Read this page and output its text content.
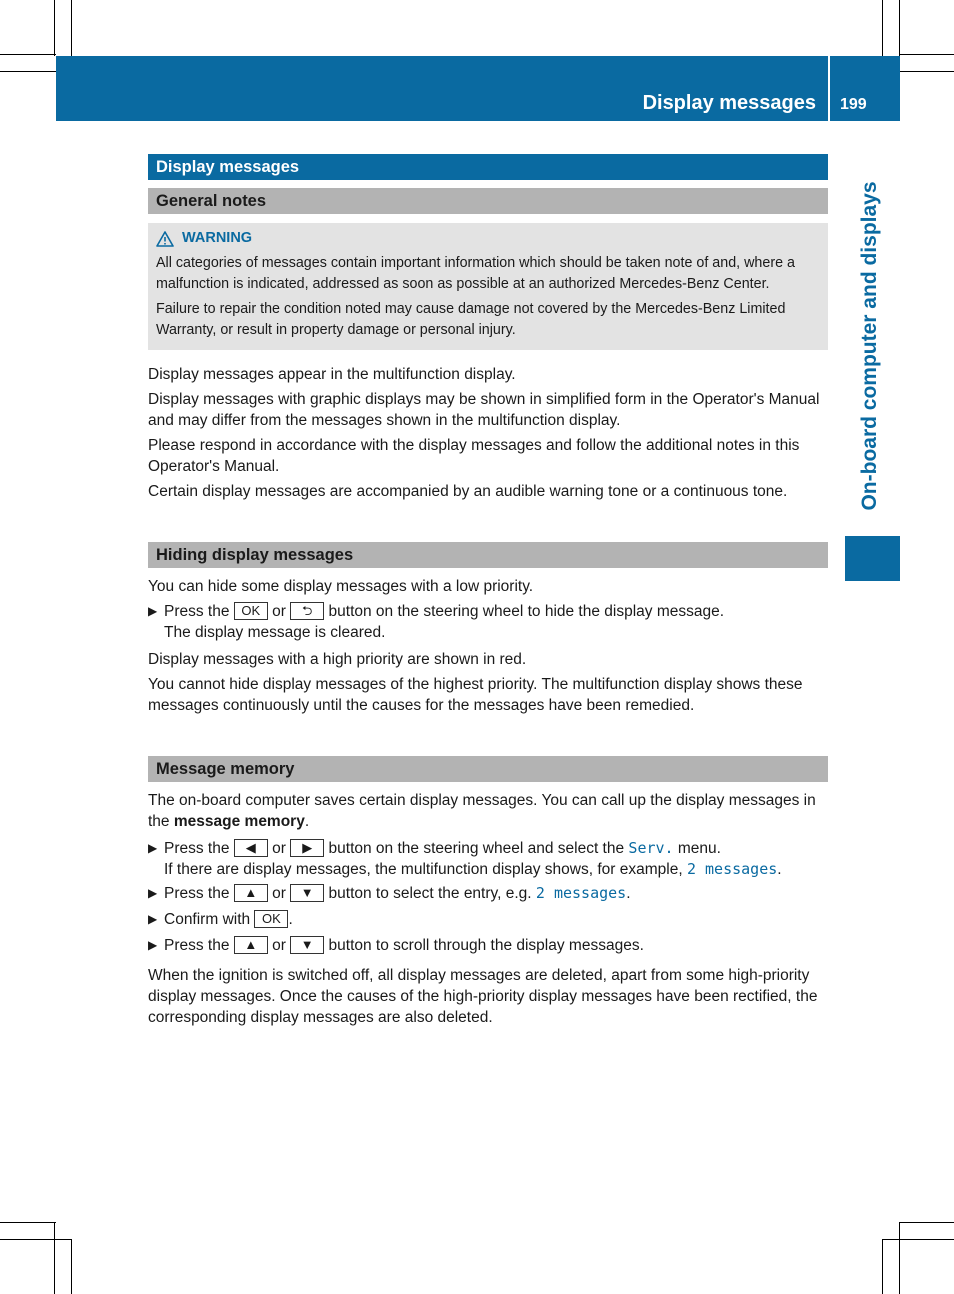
Display messages 199
On-board computer and displays
Display messages
General notes
WARNING

All categories of messages contain important information which should be taken note of and, where a malfunction is indicated, addressed as soon as possible at an authorized Mercedes-Benz Center.

Failure to repair the condition noted may cause damage not covered by the Mercedes-Benz Limited Warranty, or result in property damage or personal injury.

Display messages appear in the multifunction display.

Display messages with graphic displays may be shown in simplified form in the Operator's Manual and may differ from the messages shown in the multifunction display.

Please respond in accordance with the display messages and follow the additional notes in this Operator's Manual.

Certain display messages are accompanied by an audible warning tone or a continuous tone.

Hiding display messages

You can hide some display messages with a low priority.

▶ Press the OK or ⮌ button on the steering wheel to hide the display message.
The display message is cleared.

Display messages with a high priority are shown in red.

You cannot hide display messages of the highest priority. The multifunction display shows these messages continuously until the causes for the messages have been remedied.

Message memory

The on-board computer saves certain display messages. You can call up the display messages in the message memory.

▶ Press the ◀ or ▶ button on the steering wheel and select the Serv. menu.
If there are display messages, the multifunction display shows, for example, 2 messages.
▶ Press the ▲ or ▼ button to select the entry, e.g. 2 messages.
▶ Confirm with OK .
▶ Press the ▲ or ▼ button to scroll through the display messages.

When the ignition is switched off, all display messages are deleted, apart from some high-priority display messages. Once the causes of the high-priority display messages have been rectified, the corresponding display messages are also deleted.
